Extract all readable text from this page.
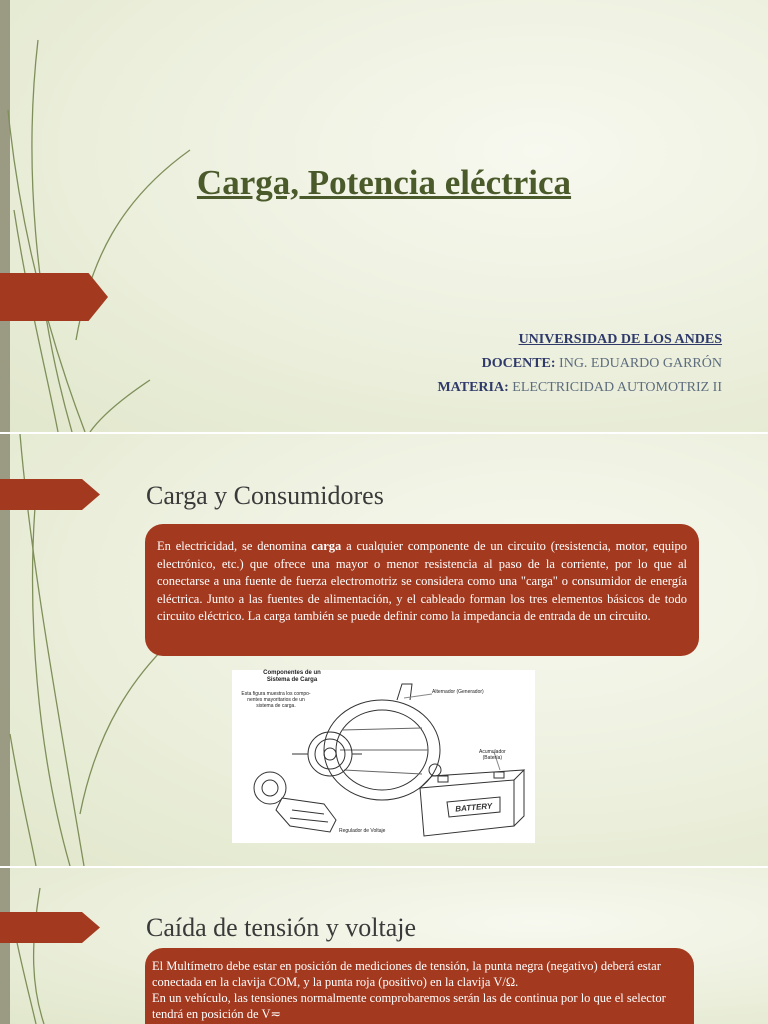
Carga, Potencia eléctrica
UNIVERSIDAD DE LOS ANDES
DOCENTE: ING. EDUARDO GARRÓN
MATERIA: ELECTRICIDAD AUTOMOTRIZ II
Carga y Consumidores
En electricidad, se denomina carga a cualquier componente de un circuito (resistencia, motor, equipo electrónico, etc.) que ofrece una mayor o menor resistencia al paso de la corriente, por lo que al conectarse a una fuente de fuerza electromotriz se considera como una "carga" o consumidor de energía eléctrica. Junto a las fuentes de alimentación, y el cableado forman los tres elementos básicos de todo circuito eléctrico. La carga también se puede definir como la impedancia de entrada de un circuito.
BATTERY
Componentes de un
Sistema de Carga
Esta figura muestra los compo-
nentes mayoritarios de un
sistema de carga.
Alternador (Generador)
Acumulador
(Batería)
Regulador de Voltaje
Caída de tensión y voltaje
El Multímetro debe estar en posición de mediciones de tensión, la punta negra (negativo) deberá estar conectada en la clavija COM, y la punta roja (positivo) en la clavija V/Ω.
En un vehículo, las tensiones normalmente comprobaremos serán las de continua por lo que el selector tendrá en posición de V≂
